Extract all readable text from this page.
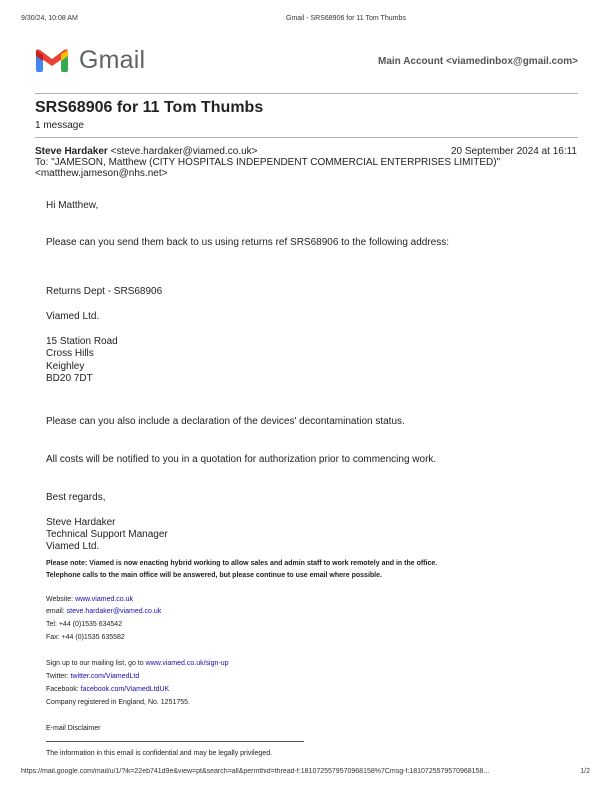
9/30/24, 10:08 AM	Gmail - SRS68906 for 11 Tom Thumbs
Gmail	Main Account <viamedinbox@gmail.com>
SRS68906 for 11 Tom Thumbs
1 message
Steve Hardaker <steve.hardaker@viamed.co.uk>	20 September 2024 at 16:11
To: "JAMESON, Matthew (CITY HOSPITALS INDEPENDENT COMMERCIAL ENTERPRISES LIMITED)"
<matthew.jameson@nhs.net>
Hi Matthew,
Please can you send them back to us using returns ref SRS68906 to the following address:
Returns Dept - SRS68906
Viamed Ltd.
15 Station Road
Cross Hills
Keighley
BD20 7DT
Please can you also include a declaration of the devices' decontamination status.
All costs will be notified to you in a quotation for authorization prior to commencing work.
Best regards,
Steve Hardaker
Technical Support Manager
Viamed Ltd.
Please note: Viamed is now enacting hybrid working to allow sales and admin staff to work remotely and in the office.
Telephone calls to the main office will be answered, but please continue to use email where possible.
Website: www.viamed.co.uk
email: steve.hardaker@viamed.co.uk
Tel: +44 (0)1535 634542
Fax: +44 (0)1535 635582
Sign up to our mailing list, go to www.viamed.co.uk/sign-up
Twitter: twitter.com/ViamedLtd
Facebook: facebook.com/ViamedLtdUK
Company registered in England, No. 1251755.
E-mail Disclaimer
The information in this email is confidential and may be legally privileged.
https://mail.google.com/mail/u/1/?ik=22eb741d9e&view=pt&search=all&permthid=thread-f:1810725579570968158%7Cmsg-f:1810725579570968158...	1/2
